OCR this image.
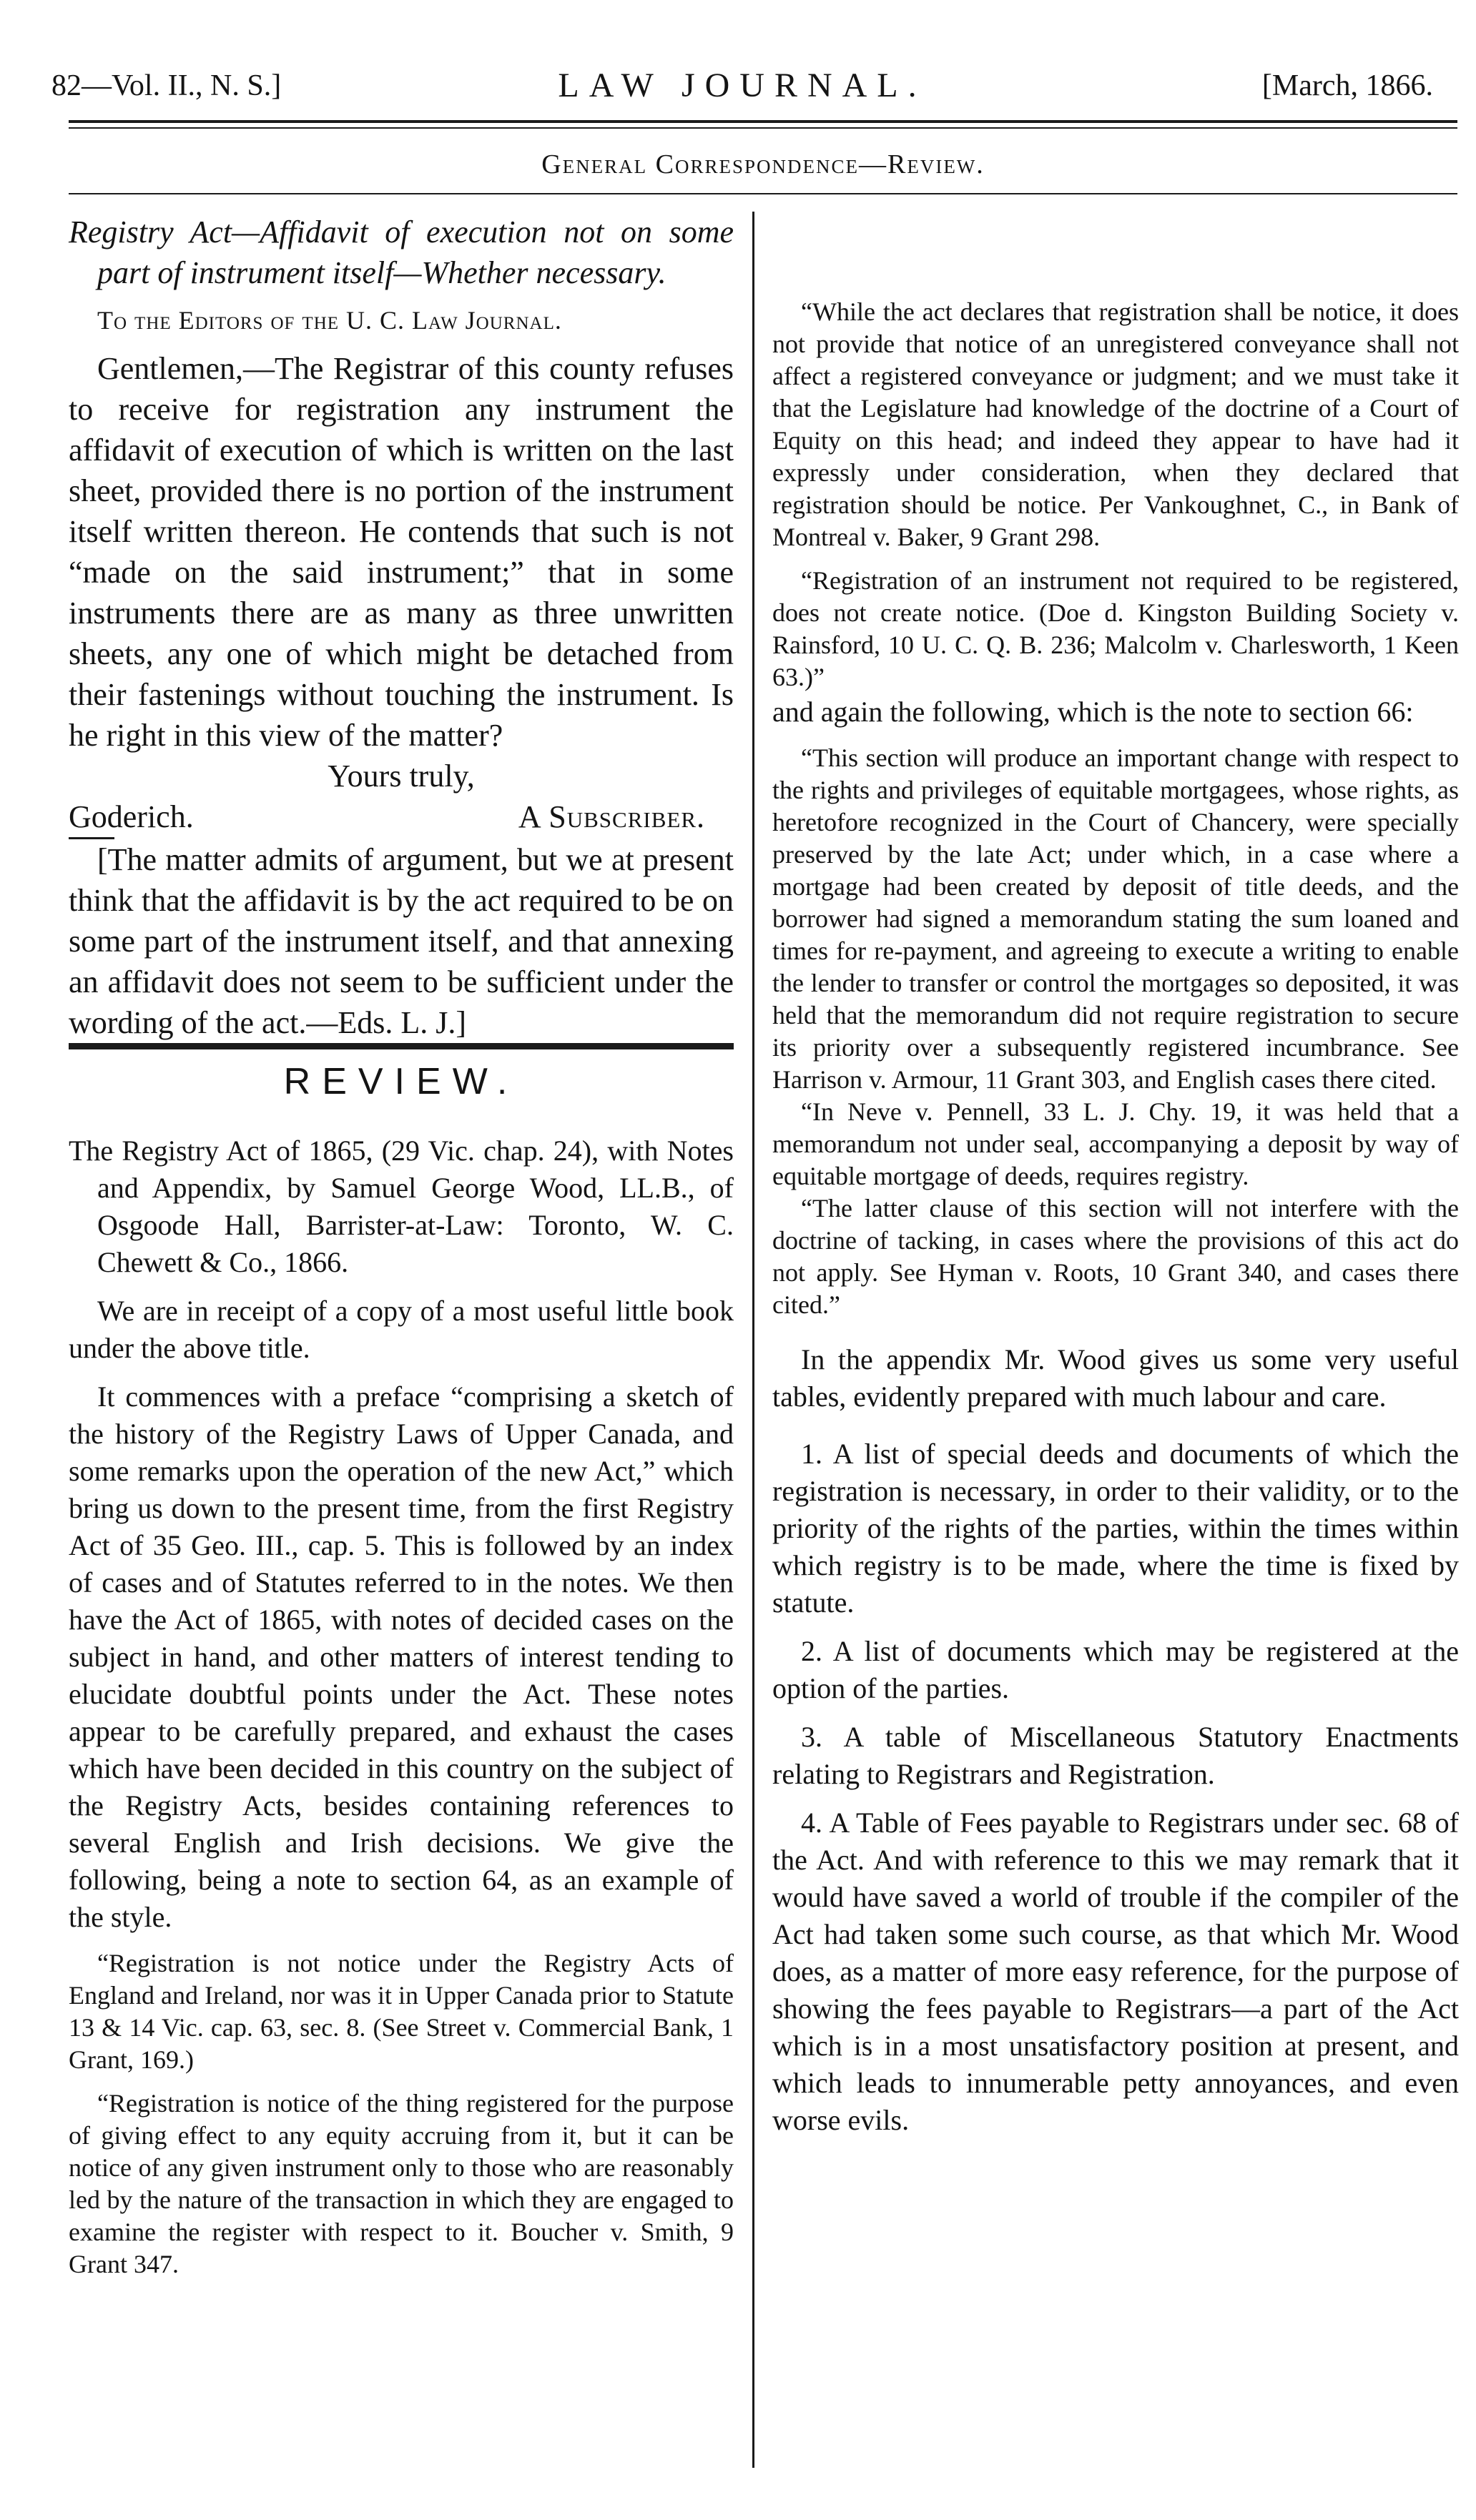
82—Vol. II., N. S.]	LAW JOURNAL.	[March, 1866.
General Correspondence—Review.

Registry Act—Affidavit of execution not on some part of instrument itself—Whether necessary.

To the Editors of the U. C. Law Journal.

Gentlemen,—The Registrar of this county refuses to receive for registration any instrument the affidavit of execution of which is written on the last sheet, provided there is no portion of the instrument itself written thereon. He contends that such is not “made on the said instrument;” that in some instruments there are as many as three unwritten sheets, any one of which might be detached from their fastenings without touching the instrument. Is he right in this view of the matter?

Yours truly,

Goderich.	A Subscriber.

[The matter admits of argument, but we at present think that the affidavit is by the act required to be on some part of the instrument itself, and that annexing an affidavit does not seem to be sufficient under the wording of the act.—Eds. L. J.]

REVIEW.

The Registry Act of 1865, (29 Vic. chap. 24), with Notes and Appendix, by Samuel George Wood, LL.B., of Osgoode Hall, Barrister-at-Law: Toronto, W. C. Chewett & Co., 1866.

We are in receipt of a copy of a most useful little book under the above title.

It commences with a preface “comprising a sketch of the history of the Registry Laws of Upper Canada, and some remarks upon the operation of the new Act,” which bring us down to the present time, from the first Registry Act of 35 Geo. III., cap. 5. This is followed by an index of cases and of Statutes referred to in the notes. We then have the Act of 1865, with notes of decided cases on the subject in hand, and other matters of interest tending to elucidate doubtful points under the Act. These notes appear to be carefully prepared, and exhaust the cases which have been decided in this country on the subject of the Registry Acts, besides containing references to several English and Irish decisions. We give the following, being a note to section 64, as an example of the style.

“Registration is not notice under the Registry Acts of England and Ireland, nor was it in Upper Canada prior to Statute 13 & 14 Vic. cap. 63, sec. 8. (See Street v. Commercial Bank, 1 Grant, 169.)

“Registration is notice of the thing registered for the purpose of giving effect to any equity accruing from it, but it can be notice of any given instrument only to those who are reasonably led by the nature of the transaction in which they are engaged to examine the register with respect to it. Boucher v. Smith, 9 Grant 347.

“While the act declares that registration shall be notice, it does not provide that notice of an unregistered conveyance shall not affect a registered conveyance or judgment; and we must take it that the Legislature had knowledge of the doctrine of a Court of Equity on this head; and indeed they appear to have had it expressly under consideration, when they declared that registration should be notice. Per Vankoughnet, C., in Bank of Montreal v. Baker, 9 Grant 298.

“Registration of an instrument not required to be registered, does not create notice. (Doe d. Kingston Building Society v. Rainsford, 10 U. C. Q. B. 236; Malcolm v. Charlesworth, 1 Keen 63.)”

and again the following, which is the note to section 66:

“This section will produce an important change with respect to the rights and privileges of equitable mortgagees, whose rights, as heretofore recognized in the Court of Chancery, were specially preserved by the late Act; under which, in a case where a mortgage had been created by deposit of title deeds, and the borrower had signed a memorandum stating the sum loaned and times for re-payment, and agreeing to execute a writing to enable the lender to transfer or control the mortgages so deposited, it was held that the memorandum did not require registration to secure its priority over a subsequently registered incumbrance. See Harrison v. Armour, 11 Grant 303, and English cases there cited.

“In Neve v. Pennell, 33 L. J. Chy. 19, it was held that a memorandum not under seal, accompanying a deposit by way of equitable mortgage of deeds, requires registry.

“The latter clause of this section will not interfere with the doctrine of tacking, in cases where the provisions of this act do not apply. See Hyman v. Roots, 10 Grant 340, and cases there cited.”

In the appendix Mr. Wood gives us some very useful tables, evidently prepared with much labour and care.

1. A list of special deeds and documents of which the registration is necessary, in order to their validity, or to the priority of the rights of the parties, within the times within which registry is to be made, where the time is fixed by statute.

2. A list of documents which may be registered at the option of the parties.

3. A table of Miscellaneous Statutory Enactments relating to Registrars and Registration.

4. A Table of Fees payable to Registrars under sec. 68 of the Act. And with reference to this we may remark that it would have saved a world of trouble if the compiler of the Act had taken some such course, as that which Mr. Wood does, as a matter of more easy reference, for the purpose of showing the fees payable to Registrars—a part of the Act which is in a most unsatisfactory position at present, and which leads to innumerable petty annoyances, and even worse evils.
